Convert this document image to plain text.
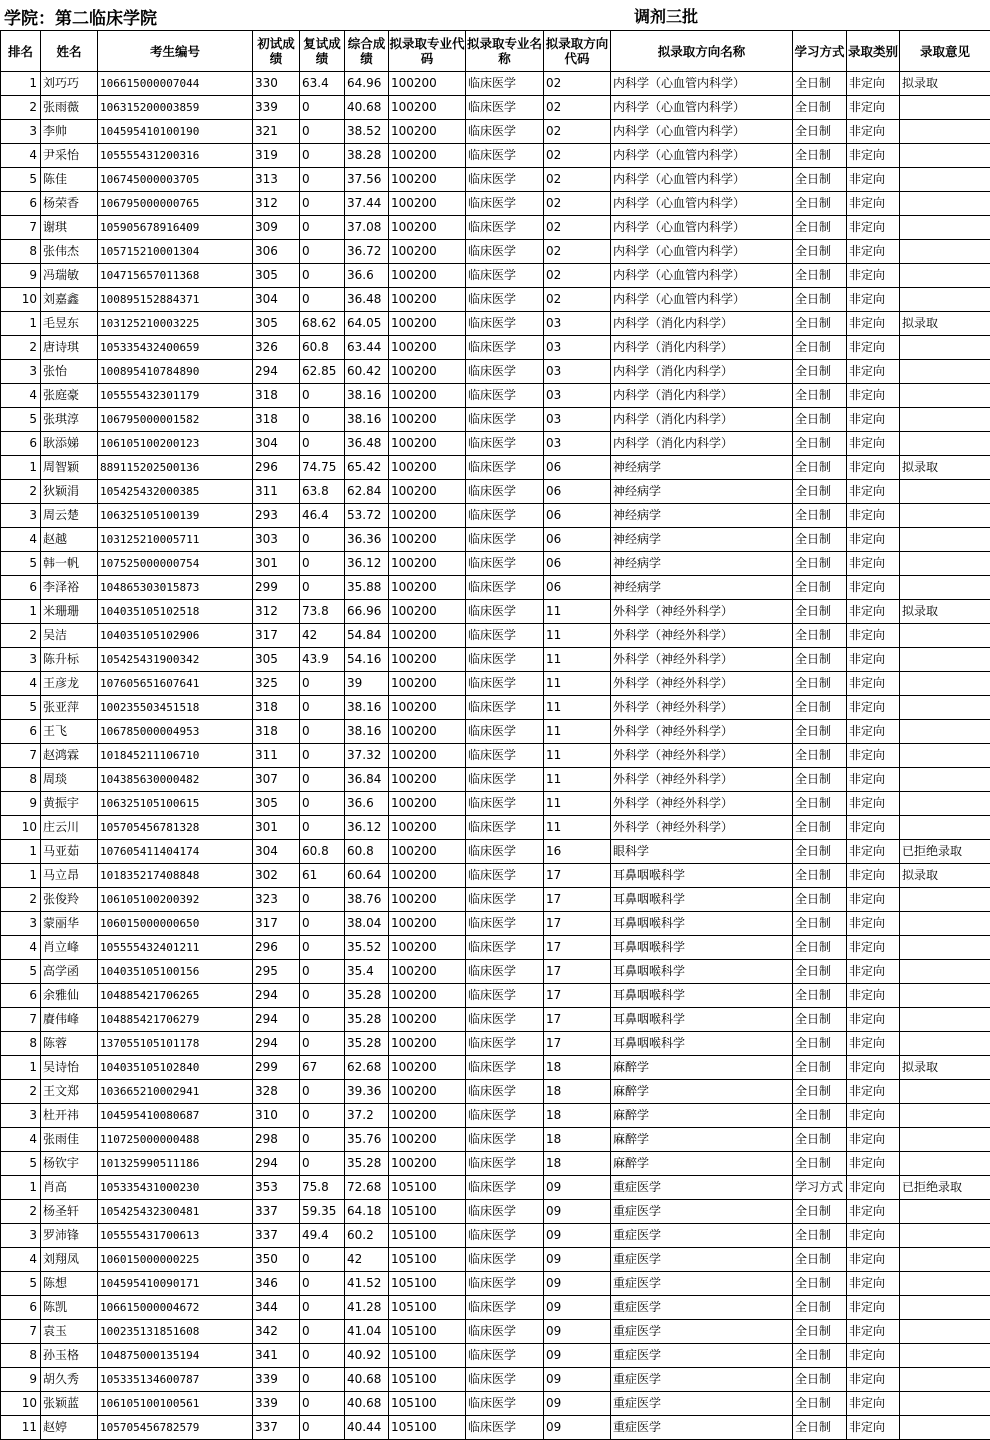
学院：第二临床学院	调剂三批
排名	姓名	考生编号	初试成绩	复试成绩	综合成绩	拟录取专业代码	拟录取专业名称	拟录取方向代码	拟录取方向名称	学习方式	录取类别	录取意见
1	刘巧巧	106615000007044	330	63.4	64.96	100200	临床医学	02	内科学（心血管内科学）	全日制	非定向	拟录取
2	张雨薇	106315200003859	339	0	40.68	100200	临床医学	02	内科学（心血管内科学）	全日制	非定向	
3	李帅	104595410100190	321	0	38.52	100200	临床医学	02	内科学（心血管内科学）	全日制	非定向	
4	尹采怡	105555431200316	319	0	38.28	100200	临床医学	02	内科学（心血管内科学）	全日制	非定向	
5	陈佳	106745000003705	313	0	37.56	100200	临床医学	02	内科学（心血管内科学）	全日制	非定向	
6	杨荣香	106795000000765	312	0	37.44	100200	临床医学	02	内科学（心血管内科学）	全日制	非定向	
7	谢琪	105905678916409	309	0	37.08	100200	临床医学	02	内科学（心血管内科学）	全日制	非定向	
8	张伟杰	105715210001304	306	0	36.72	100200	临床医学	02	内科学（心血管内科学）	全日制	非定向	
9	冯瑞敏	104715657011368	305	0	36.6	100200	临床医学	02	内科学（心血管内科学）	全日制	非定向	
10	刘嘉鑫	100895152884371	304	0	36.48	100200	临床医学	02	内科学（心血管内科学）	全日制	非定向	
1	毛昱东	103125210003225	305	68.62	64.05	100200	临床医学	03	内科学（消化内科学）	全日制	非定向	拟录取
2	唐诗琪	105335432400659	326	60.8	63.44	100200	临床医学	03	内科学（消化内科学）	全日制	非定向	
3	张怡	100895410784890	294	62.85	60.42	100200	临床医学	03	内科学（消化内科学）	全日制	非定向	
4	张庭豪	105555432301179	318	0	38.16	100200	临床医学	03	内科学（消化内科学）	全日制	非定向	
5	张琪淳	106795000001582	318	0	38.16	100200	临床医学	03	内科学（消化内科学）	全日制	非定向	
6	耿添娣	106105100200123	304	0	36.48	100200	临床医学	03	内科学（消化内科学）	全日制	非定向	
1	周智颖	889115202500136	296	74.75	65.42	100200	临床医学	06	神经病学	全日制	非定向	拟录取
2	狄颖涓	105425432000385	311	63.8	62.84	100200	临床医学	06	神经病学	全日制	非定向	
3	周云楚	106325105100139	293	46.4	53.72	100200	临床医学	06	神经病学	全日制	非定向	
4	赵越	103125210005711	303	0	36.36	100200	临床医学	06	神经病学	全日制	非定向	
5	韩一帆	107525000000754	301	0	36.12	100200	临床医学	06	神经病学	全日制	非定向	
6	李泽裕	104865303015873	299	0	35.88	100200	临床医学	06	神经病学	全日制	非定向	
1	米珊珊	104035105102518	312	73.8	66.96	100200	临床医学	11	外科学（神经外科学）	全日制	非定向	拟录取
2	吴洁	104035105102906	317	42	54.84	100200	临床医学	11	外科学（神经外科学）	全日制	非定向	
3	陈升标	105425431900342	305	43.9	54.16	100200	临床医学	11	外科学（神经外科学）	全日制	非定向	
4	王彦龙	107605651607641	325	0	39	100200	临床医学	11	外科学（神经外科学）	全日制	非定向	
5	张亚萍	100235503451518	318	0	38.16	100200	临床医学	11	外科学（神经外科学）	全日制	非定向	
6	王飞	106785000004953	318	0	38.16	100200	临床医学	11	外科学（神经外科学）	全日制	非定向	
7	赵鸿霖	101845211106710	311	0	37.32	100200	临床医学	11	外科学（神经外科学）	全日制	非定向	
8	周琰	104385630000482	307	0	36.84	100200	临床医学	11	外科学（神经外科学）	全日制	非定向	
9	黄振宇	106325105100615	305	0	36.6	100200	临床医学	11	外科学（神经外科学）	全日制	非定向	
10	庄云川	105705456781328	301	0	36.12	100200	临床医学	11	外科学（神经外科学）	全日制	非定向	
1	马亚茹	107605411404174	304	60.8	60.8	100200	临床医学	16	眼科学	全日制	非定向	已拒绝录取
1	马立昂	101835217408848	302	61	60.64	100200	临床医学	17	耳鼻咽喉科学	全日制	非定向	拟录取
2	张俊羚	106105100200392	323	0	38.76	100200	临床医学	17	耳鼻咽喉科学	全日制	非定向	
3	蒙丽华	106015000000650	317	0	38.04	100200	临床医学	17	耳鼻咽喉科学	全日制	非定向	
4	肖立峰	105555432401211	296	0	35.52	100200	临床医学	17	耳鼻咽喉科学	全日制	非定向	
5	高学函	104035105100156	295	0	35.4	100200	临床医学	17	耳鼻咽喉科学	全日制	非定向	
6	余雅仙	104885421706265	294	0	35.28	100200	临床医学	17	耳鼻咽喉科学	全日制	非定向	
7	賡伟峰	104885421706279	294	0	35.28	100200	临床医学	17	耳鼻咽喉科学	全日制	非定向	
8	陈蓉	137055105101178	294	0	35.28	100200	临床医学	17	耳鼻咽喉科学	全日制	非定向	
1	吴诗怡	104035105102840	299	67	62.68	100200	临床医学	18	麻醉学	全日制	非定向	拟录取
2	王文郑	103665210002941	328	0	39.36	100200	临床医学	18	麻醉学	全日制	非定向	
3	杜开祎	104595410080687	310	0	37.2	100200	临床医学	18	麻醉学	全日制	非定向	
4	张雨佳	110725000000488	298	0	35.76	100200	临床医学	18	麻醉学	全日制	非定向	
5	杨钦宇	101325990511186	294	0	35.28	100200	临床医学	18	麻醉学	全日制	非定向	
1	肖高	105335431000230	353	75.8	72.68	105100	临床医学	09	重症医学	学习方式	非定向	已拒绝录取
2	杨圣轩	105425432300481	337	59.35	64.18	105100	临床医学	09	重症医学	全日制	非定向	
3	罗沛锋	105555431700613	337	49.4	60.2	105100	临床医学	09	重症医学	全日制	非定向	
4	刘翔凤	106015000000225	350	0	42	105100	临床医学	09	重症医学	全日制	非定向	
5	陈想	104595410090171	346	0	41.52	105100	临床医学	09	重症医学	全日制	非定向	
6	陈凯	106615000004672	344	0	41.28	105100	临床医学	09	重症医学	全日制	非定向	
7	袁玉	100235131851608	342	0	41.04	105100	临床医学	09	重症医学	全日制	非定向	
8	孙玉格	104875000135194	341	0	40.92	105100	临床医学	09	重症医学	全日制	非定向	
9	胡久秀	105335134600787	339	0	40.68	105100	临床医学	09	重症医学	全日制	非定向	
10	张颖蓝	106105100100561	339	0	40.68	105100	临床医学	09	重症医学	全日制	非定向	
11	赵婷	105705456782579	337	0	40.44	105100	临床医学	09	重症医学	全日制	非定向	
